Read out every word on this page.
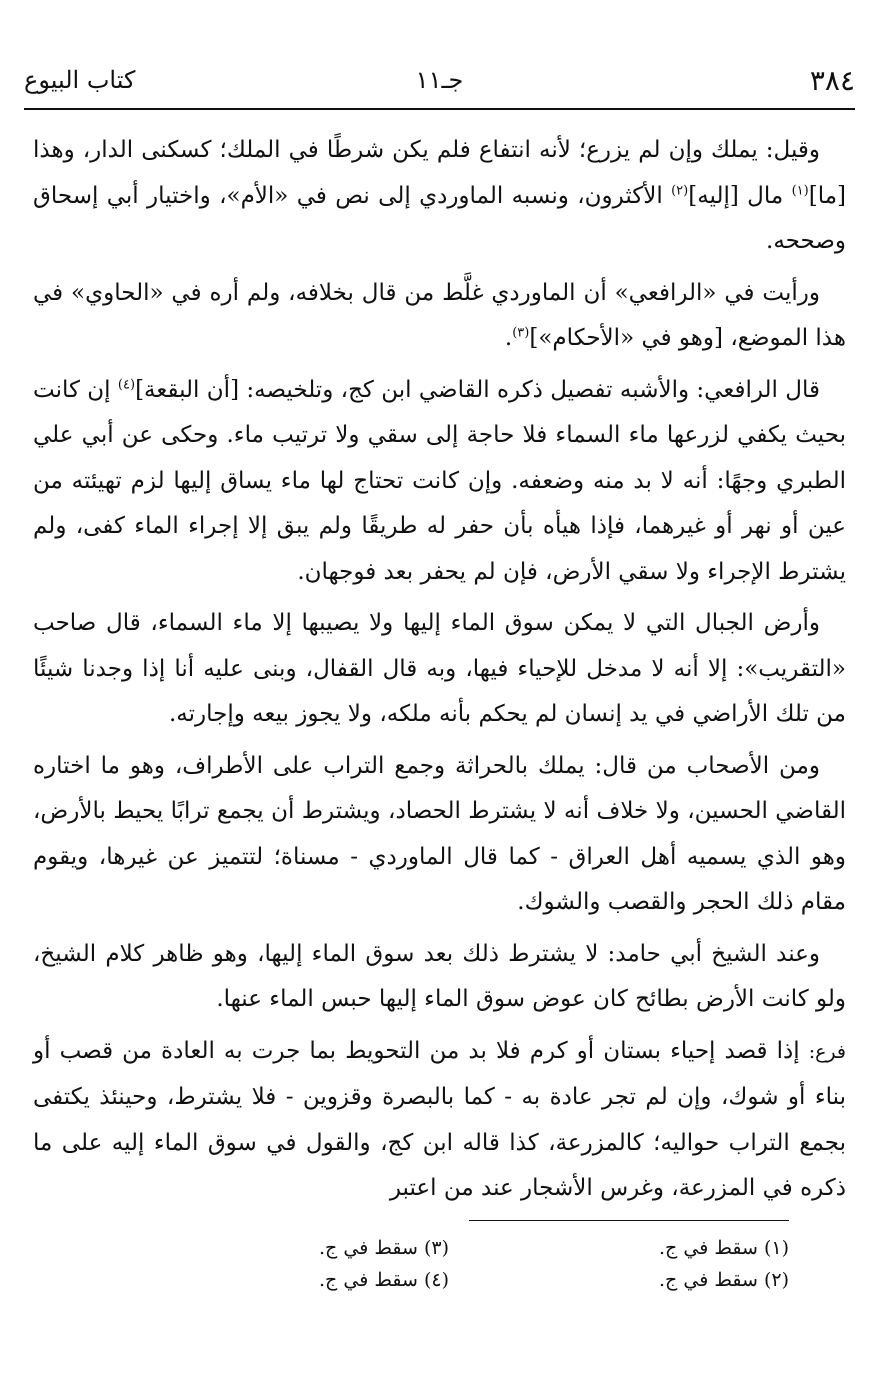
٣٨٤
جـ١١
كتاب البيوع

وقيل: يملك وإن لم يزرع؛ لأنه انتفاع فلم يكن شرطًا في الملك؛ كسكنى الدار، وهذا [ما]$^{(١)}$ مال [إليه]$^{(٢)}$ الأكثرون، ونسبه الماوردي إلى نص في «الأم»، واختيار أبي إسحاق وصححه.

ورأيت في «الرافعي» أن الماوردي غلَّط من قال بخلافه، ولم أره في «الحاوي» في هذا الموضع، [وهو في «الأحكام»]$^{(٣)}$.

قال الرافعي: والأشبه تفصيل ذكره القاضي ابن كج، وتلخيصه: [أن البقعة]$^{(٤)}$ إن كانت بحيث يكفي لزرعها ماء السماء فلا حاجة إلى سقي ولا ترتيب ماء. وحكى عن أبي علي الطبري وجهًا: أنه لا بد منه وضعفه. وإن كانت تحتاج لها ماء يساق إليها لزم تهيئته من عين أو نهر أو غيرهما، فإذا هيأه بأن حفر له طريقًا ولم يبق إلا إجراء الماء كفى، ولم يشترط الإجراء ولا سقي الأرض، فإن لم يحفر بعد فوجهان.

وأرض الجبال التي لا يمكن سوق الماء إليها ولا يصيبها إلا ماء السماء، قال صاحب «التقريب»: إلا أنه لا مدخل للإحياء فيها، وبه قال القفال، وبنى عليه أنا إذا وجدنا شيئًا من تلك الأراضي في يد إنسان لم يحكم بأنه ملكه، ولا يجوز بيعه وإجارته.

ومن الأصحاب من قال: يملك بالحراثة وجمع التراب على الأطراف، وهو ما اختاره القاضي الحسين، ولا خلاف أنه لا يشترط الحصاد، ويشترط أن يجمع ترابًا يحيط بالأرض، وهو الذي يسميه أهل العراق - كما قال الماوردي - مسناة؛ لتتميز عن غيرها، ويقوم مقام ذلك الحجر والقصب والشوك.

وعند الشيخ أبي حامد: لا يشترط ذلك بعد سوق الماء إليها، وهو ظاهر كلام الشيخ، ولو كانت الأرض بطائح كان عوض سوق الماء إليها حبس الماء عنها.

فرع: إذا قصد إحياء بستان أو كرم فلا بد من التحويط بما جرت به العادة من قصب أو بناء أو شوك، وإن لم تجر عادة به - كما بالبصرة وقزوين - فلا يشترط، وحينئذ يكتفى بجمع التراب حواليه؛ كالمزرعة، كذا قاله ابن كج، والقول في سوق الماء إليه على ما ذكره في المزرعة، وغرس الأشجار عند من اعتبر

(١) سقط في ج.
(٢) سقط في ج.
(٣) سقط في ج.
(٤) سقط في ج.
